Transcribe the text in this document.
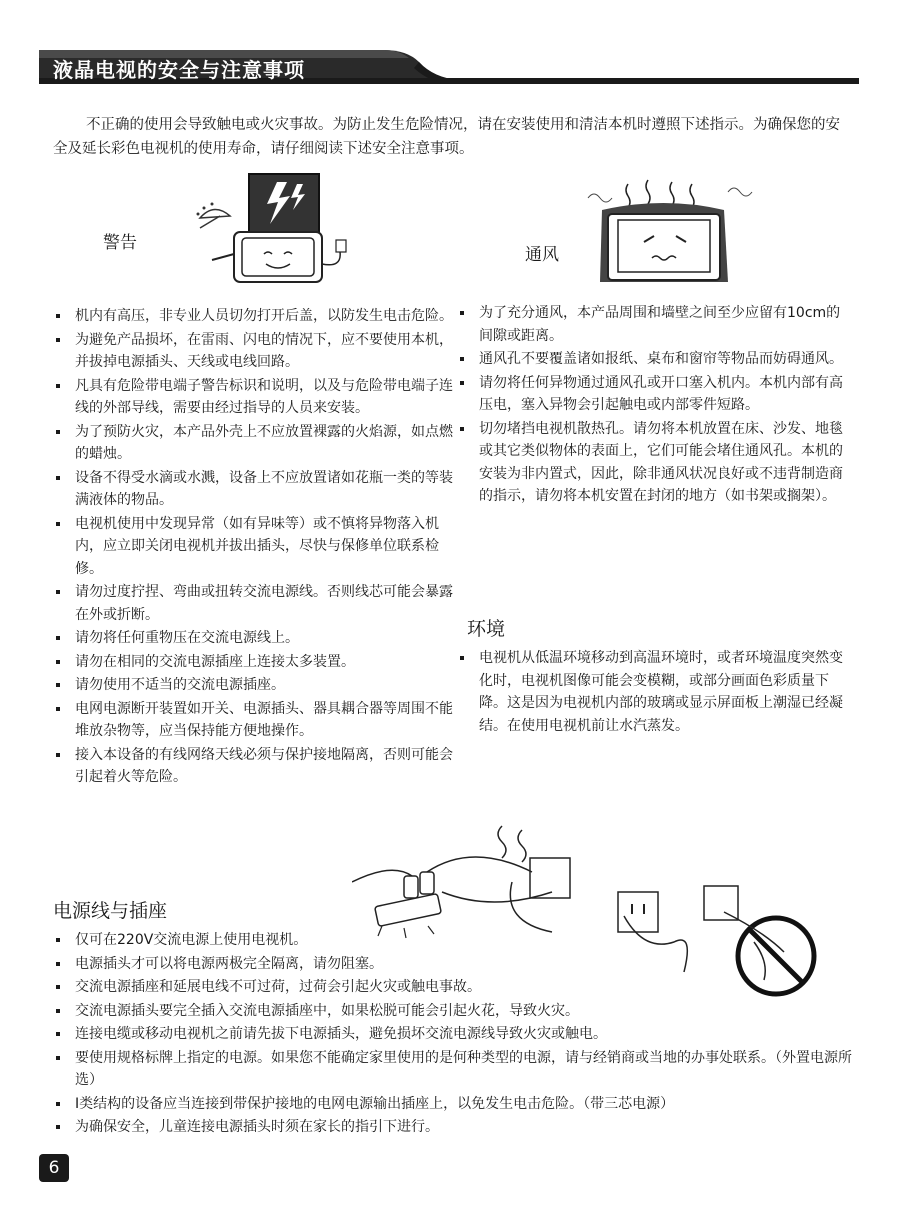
液晶电视的安全与注意事项

不正确的使用会导致触电或火灾事故。为防止发生危险情况，请在安装使用和清洁本机时遵照下述指示。为确保您的安全及延长彩色电视机的使用寿命，请仔细阅读下述安全注意事项。

警告
通风
机内有高压，非专业人员切勿打开后盖，以防发生电击危险。
为避免产品损坏，在雷雨、闪电的情况下，应不要使用本机，并拔掉电源插头、天线或电线回路。
凡具有危险带电端子警告标识和说明，以及与危险带电端子连线的外部导线，需要由经过指导的人员来安装。
为了预防火灾，本产品外壳上不应放置裸露的火焰源，如点燃的蜡烛。
设备不得受水滴或水溅，设备上不应放置诸如花瓶一类的等装满液体的物品。
电视机使用中发现异常（如有异味等）或不慎将异物落入机内，应立即关闭电视机并拔出插头，尽快与保修单位联系检修。
请勿过度拧捏、弯曲或扭转交流电源线。否则线芯可能会暴露在外或折断。
请勿将任何重物压在交流电源线上。
请勿在相同的交流电源插座上连接太多装置。
请勿使用不适当的交流电源插座。
电网电源断开装置如开关、电源插头、器具耦合器等周围不能堆放杂物等，应当保持能方便地操作。
接入本设备的有线网络天线必须与保护接地隔离，否则可能会引起着火等危险。
为了充分通风，本产品周围和墙壁之间至少应留有10cm的间隙或距离。
通风孔不要覆盖诸如报纸、桌布和窗帘等物品而妨碍通风。
请勿将任何异物通过通风孔或开口塞入机内。本机内部有高压电，塞入异物会引起触电或内部零件短路。
切勿堵挡电视机散热孔。请勿将本机放置在床、沙发、地毯或其它类似物体的表面上，它们可能会堵住通风孔。本机的安装为非内置式，因此，除非通风状况良好或不违背制造商的指示，请勿将本机安置在封闭的地方（如书架或搁架）。
环境
电视机从低温环境移动到高温环境时，或者环境温度突然变化时，电视机图像可能会变模糊，或部分画面色彩质量下降。这是因为电视机内部的玻璃或显示屏面板上潮湿已经凝结。在使用电视机前让水汽蒸发。
电源线与插座
仅可在220V交流电源上使用电视机。
电源插头才可以将电源两极完全隔离，请勿阻塞。
交流电源插座和延展电线不可过荷，过荷会引起火灾或触电事故。
交流电源插头要完全插入交流电源插座中，如果松脱可能会引起火花，导致火灾。
连接电缆或移动电视机之前请先拔下电源插头，避免损坏交流电源线导致火灾或触电。
要使用规格标牌上指定的电源。如果您不能确定家里使用的是何种类型的电源，请与经销商或当地的办事处联系。（外置电源所选）
Ⅰ类结构的设备应当连接到带保护接地的电网电源输出插座上，以免发生电击危险。（带三芯电源）
为确保安全，儿童连接电源插头时须在家长的指引下进行。
6
